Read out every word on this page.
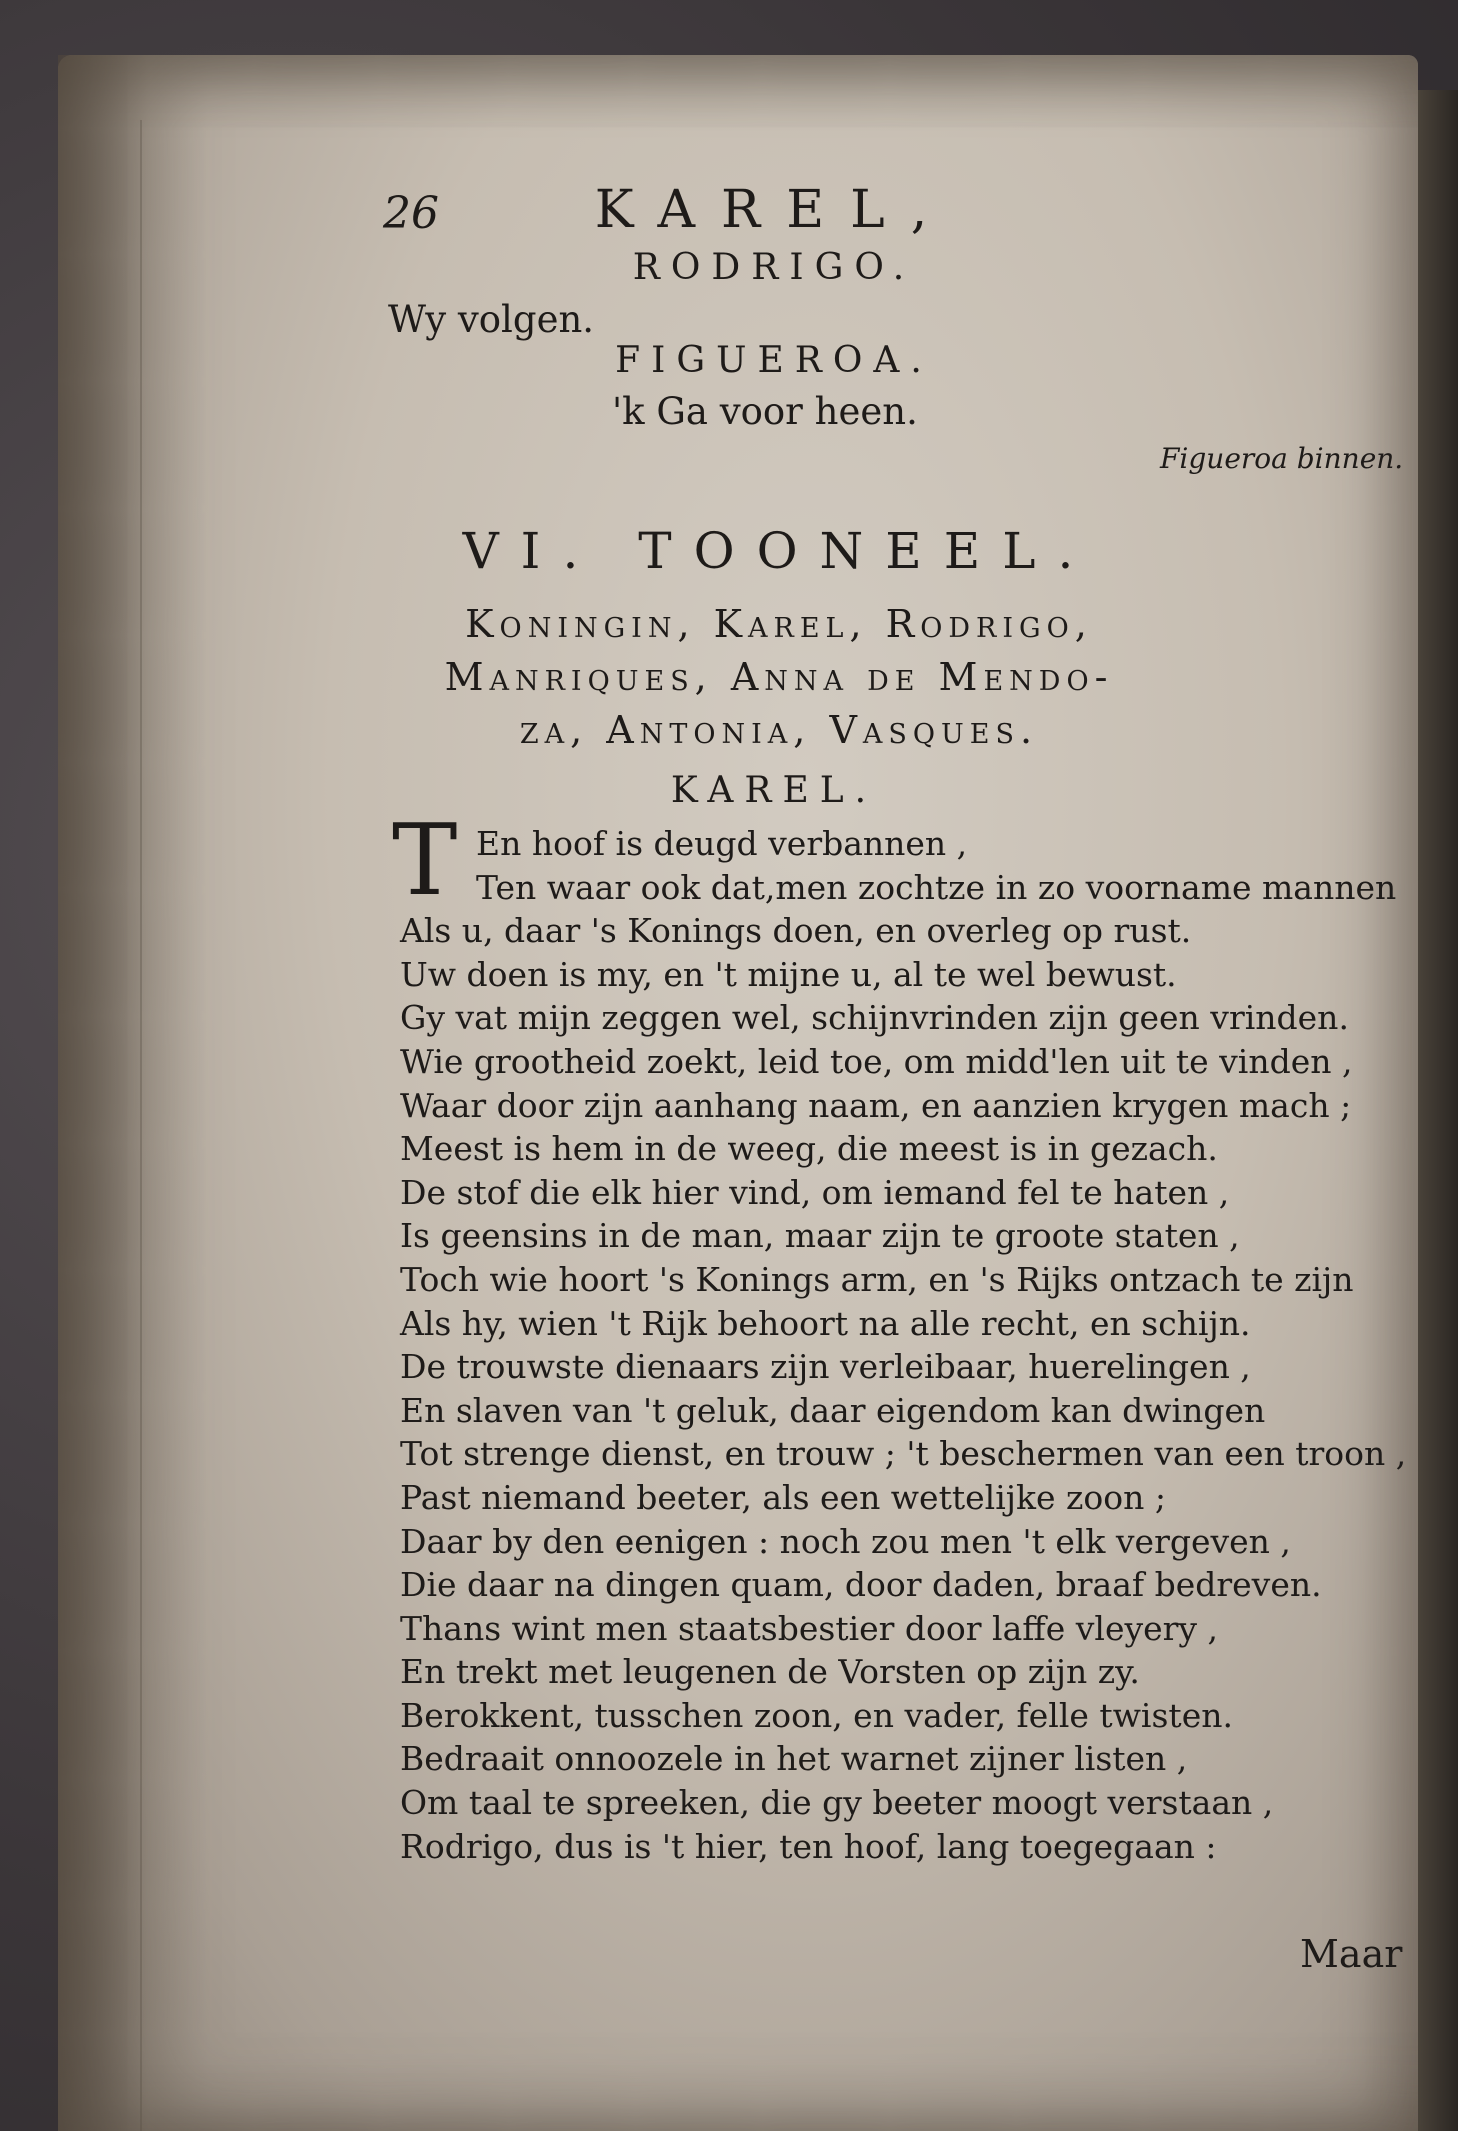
26	KAREL,
RODRIGO.
Wy volgen.
FIGUEROA.
'k Ga voor heen.
Figueroa binnen.
VI. TOONEEL.
Koningin, Karel, Rodrigo,
Manriques, Anna de Mendo-
za, Antonia, Vasques.
KAREL.
T En hoof is deugd verbannen ,
Ten waar ook dat,men zochtze in zo voorname mannen
Als u, daar 's Konings doen, en overleg op rust.
Uw doen is my, en 't mijne u, al te wel bewust.
Gy vat mijn zeggen wel, schijnvrinden zijn geen vrinden.
Wie grootheid zoekt, leid toe, om midd'len uit te vinden ,
Waar door zijn aanhang naam, en aanzien krygen mach ;
Meest is hem in de weeg, die meest is in gezach.
De stof die elk hier vind, om iemand fel te haten ,
Is geensins in de man, maar zijn te groote staten ,
Toch wie hoort 's Konings arm, en 's Rijks ontzach te zijn
Als hy, wien 't Rijk behoort na alle recht, en schijn.
De trouwste dienaars zijn verleibaar, huerelingen ,
En slaven van 't geluk, daar eigendom kan dwingen
Tot strenge dienst, en trouw ; 't beschermen van een troon ,
Past niemand beeter, als een wettelijke zoon ;
Daar by den eenigen : noch zou men 't elk vergeven ,
Die daar na dingen quam, door daden, braaf bedreven.
Thans wint men staatsbestier door laffe vleyery ,
En trekt met leugenen de Vorsten op zijn zy.
Berokkent, tusschen zoon, en vader, felle twisten.
Bedraait onnoozele in het warnet zijner listen ,
Om taal te spreeken, die gy beeter moogt verstaan ,
Rodrigo, dus is 't hier, ten hoof, lang toegegaan :
Maar
